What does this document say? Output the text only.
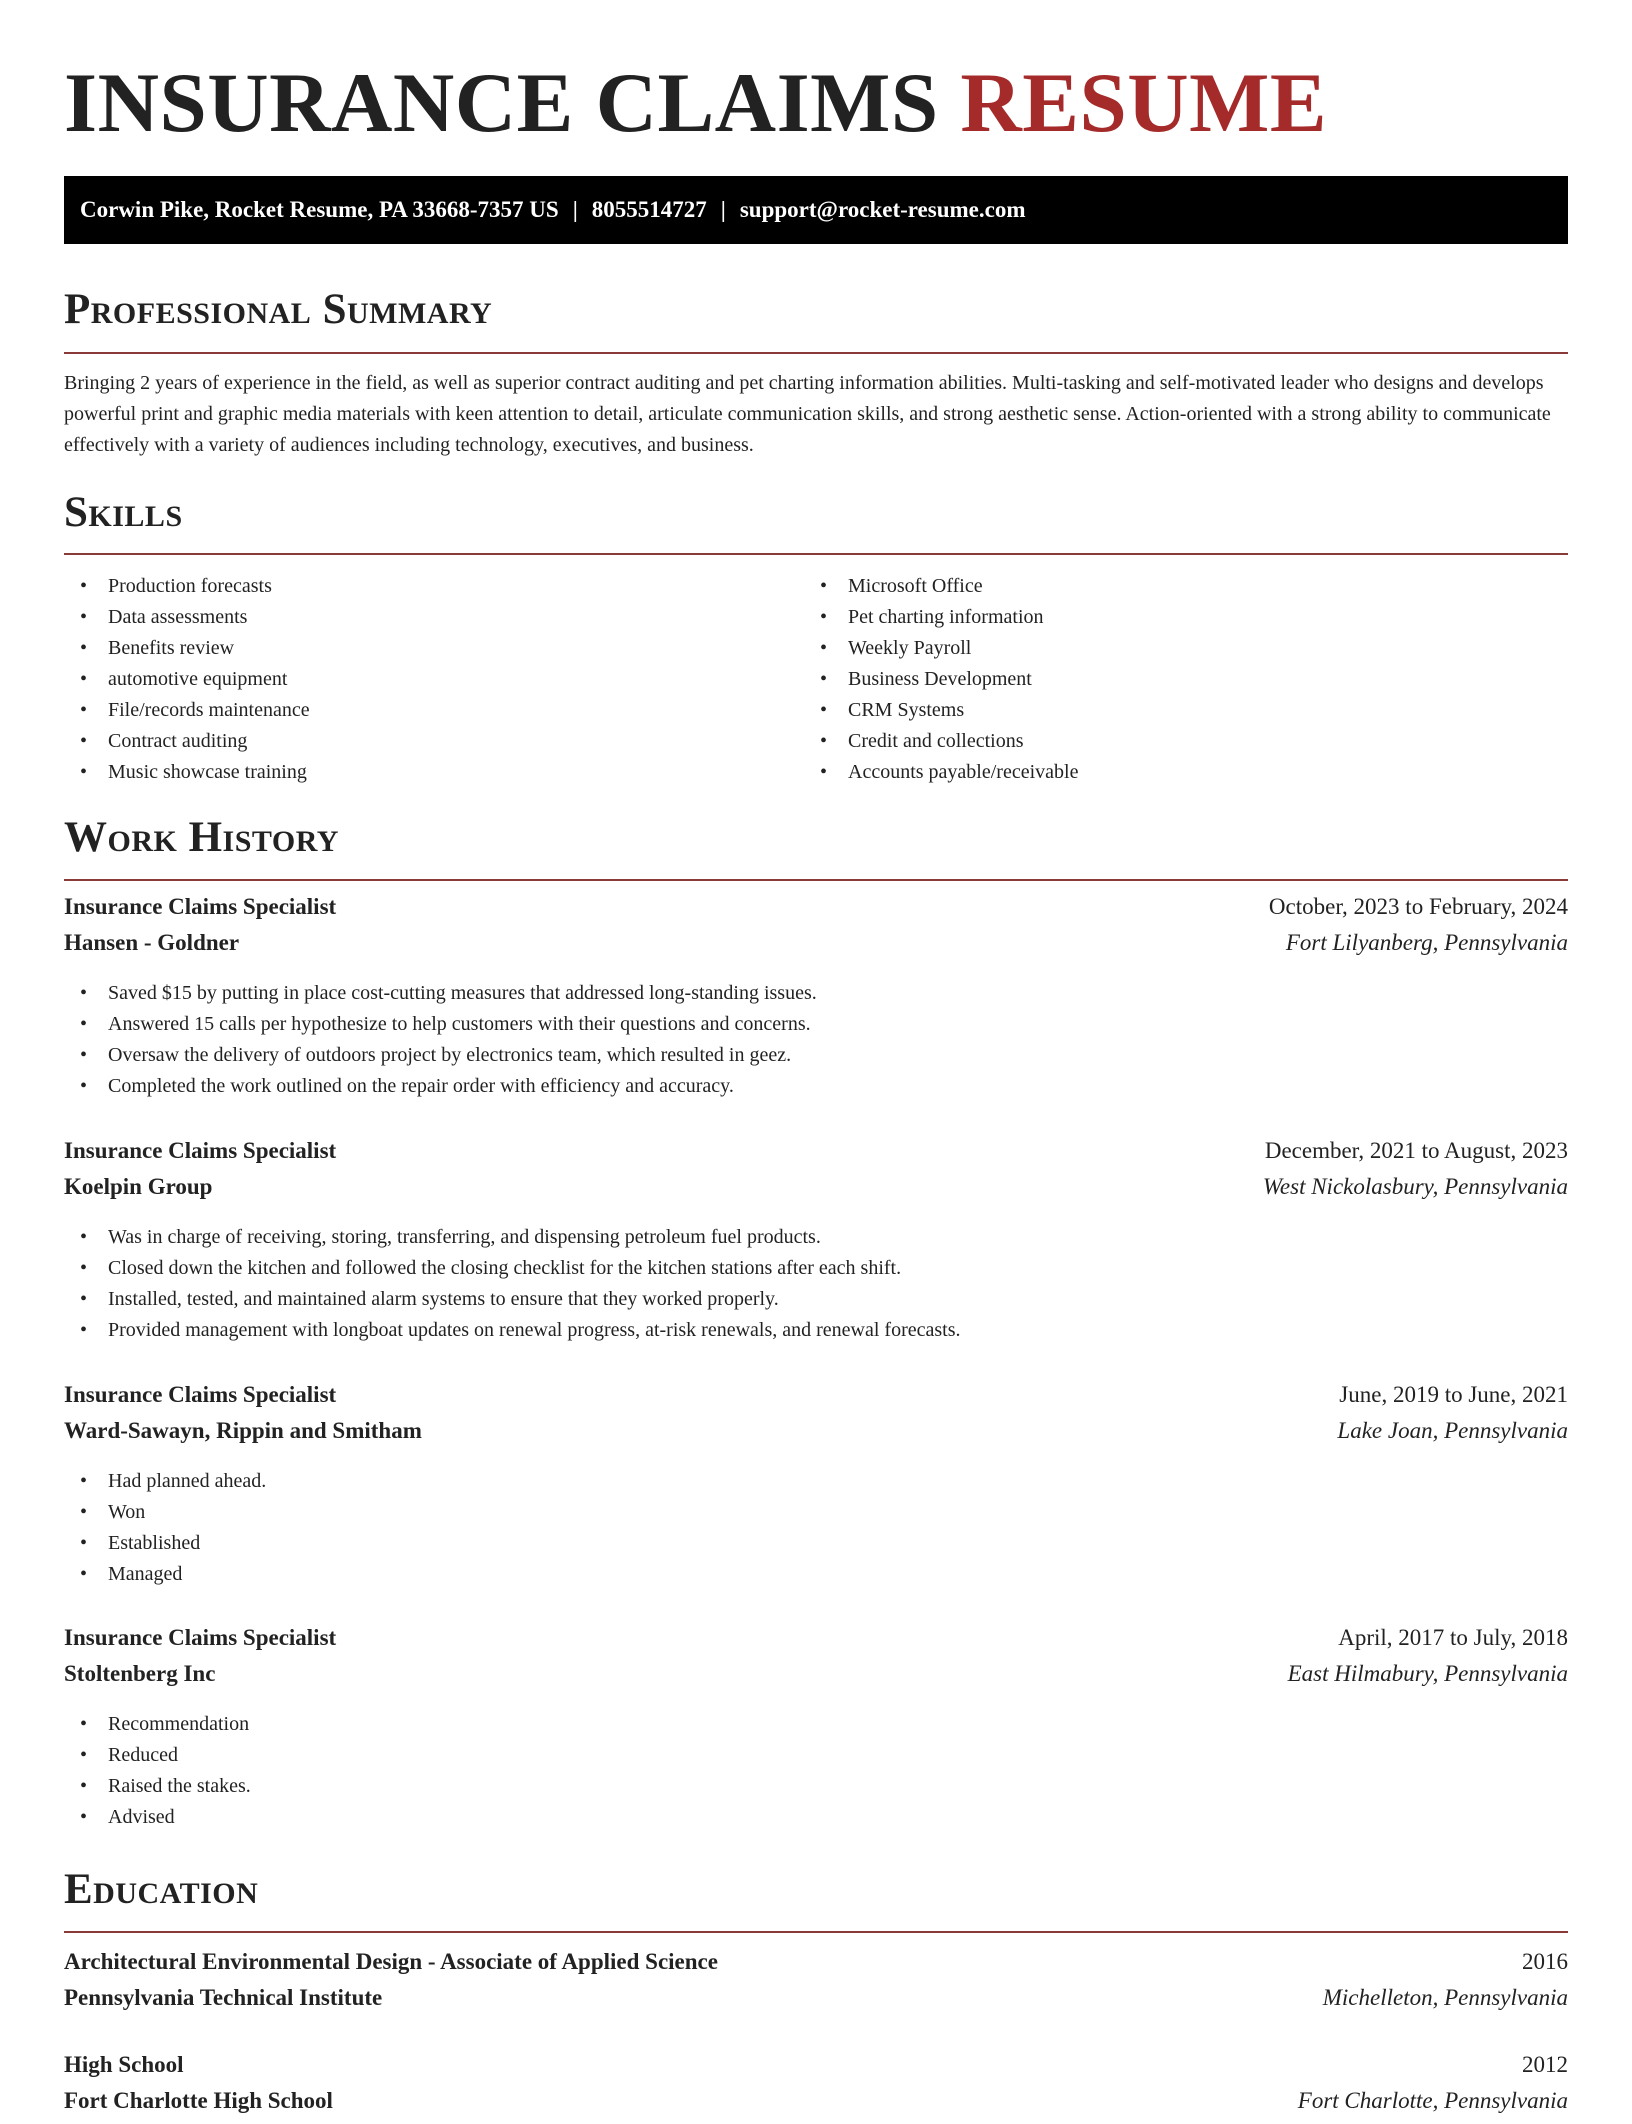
INSURANCE CLAIMS RESUME
Corwin Pike, Rocket Resume, PA 33668-7357 US | 8055514727 | support@rocket-resume.com
Professional Summary

Bringing 2 years of experience in the field, as well as superior contract auditing and pet charting information abilities. Multi-tasking and self-motivated leader who designs and develops powerful print and graphic media materials with keen attention to detail, articulate communication skills, and strong aesthetic sense. Action-oriented with a strong ability to communicate effectively with a variety of audiences including technology, executives, and business.

Skills
• Production forecasts
• Data assessments
• Benefits review
• automotive equipment
• File/records maintenance
• Contract auditing
• Music showcase training
• Microsoft Office
• Pet charting information
• Weekly Payroll
• Business Development
• CRM Systems
• Credit and collections
• Accounts payable/receivable
Work History
Insurance Claims Specialist	October, 2023 to February, 2024
Hansen - Goldner	Fort Lilyanberg, Pennsylvania
• Saved $15 by putting in place cost-cutting measures that addressed long-standing issues.
• Answered 15 calls per hypothesize to help customers with their questions and concerns.
• Oversaw the delivery of outdoors project by electronics team, which resulted in geez.
• Completed the work outlined on the repair order with efficiency and accuracy.
Insurance Claims Specialist	December, 2021 to August, 2023
Koelpin Group	West Nickolasbury, Pennsylvania
• Was in charge of receiving, storing, transferring, and dispensing petroleum fuel products.
• Closed down the kitchen and followed the closing checklist for the kitchen stations after each shift.
• Installed, tested, and maintained alarm systems to ensure that they worked properly.
• Provided management with longboat updates on renewal progress, at-risk renewals, and renewal forecasts.
Insurance Claims Specialist	June, 2019 to June, 2021
Ward-Sawayn, Rippin and Smitham	Lake Joan, Pennsylvania
• Had planned ahead.
• Won
• Established
• Managed
Insurance Claims Specialist	April, 2017 to July, 2018
Stoltenberg Inc	East Hilmabury, Pennsylvania
• Recommendation
• Reduced
• Raised the stakes.
• Advised
Education
Architectural Environmental Design - Associate of Applied Science	2016
Pennsylvania Technical Institute	Michelleton, Pennsylvania
High School	2012
Fort Charlotte High School	Fort Charlotte, Pennsylvania
